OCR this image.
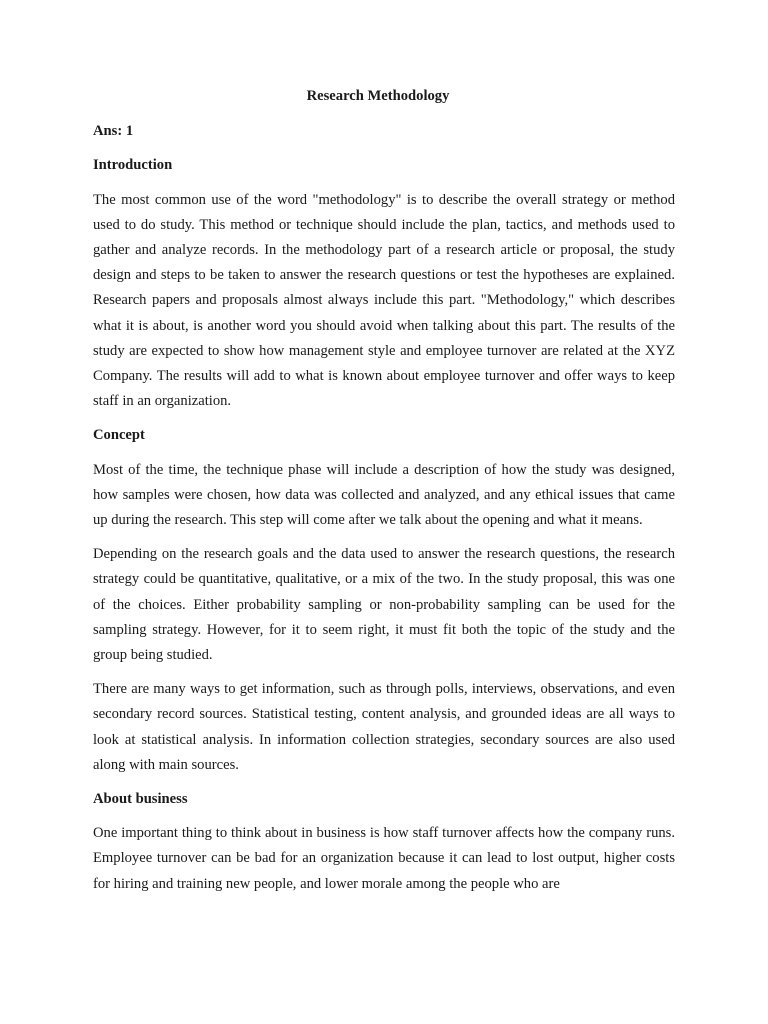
Research Methodology

Ans: 1

Introduction

The most common use of the word "methodology" is to describe the overall strategy or method used to do study. This method or technique should include the plan, tactics, and methods used to gather and analyze records. In the methodology part of a research article or proposal, the study design and steps to be taken to answer the research questions or test the hypotheses are explained. Research papers and proposals almost always include this part. "Methodology," which describes what it is about, is another word you should avoid when talking about this part. The results of the study are expected to show how management style and employee turnover are related at the XYZ Company. The results will add to what is known about employee turnover and offer ways to keep staff in an organization.

Concept

Most of the time, the technique phase will include a description of how the study was designed, how samples were chosen, how data was collected and analyzed, and any ethical issues that came up during the research. This step will come after we talk about the opening and what it means.

Depending on the research goals and the data used to answer the research questions, the research strategy could be quantitative, qualitative, or a mix of the two. In the study proposal, this was one of the choices. Either probability sampling or non-probability sampling can be used for the sampling strategy. However, for it to seem right, it must fit both the topic of the study and the group being studied.

There are many ways to get information, such as through polls, interviews, observations, and even secondary record sources. Statistical testing, content analysis, and grounded ideas are all ways to look at statistical analysis. In information collection strategies, secondary sources are also used along with main sources.

About business

One important thing to think about in business is how staff turnover affects how the company runs. Employee turnover can be bad for an organization because it can lead to lost output, higher costs for hiring and training new people, and lower morale among the people who are
